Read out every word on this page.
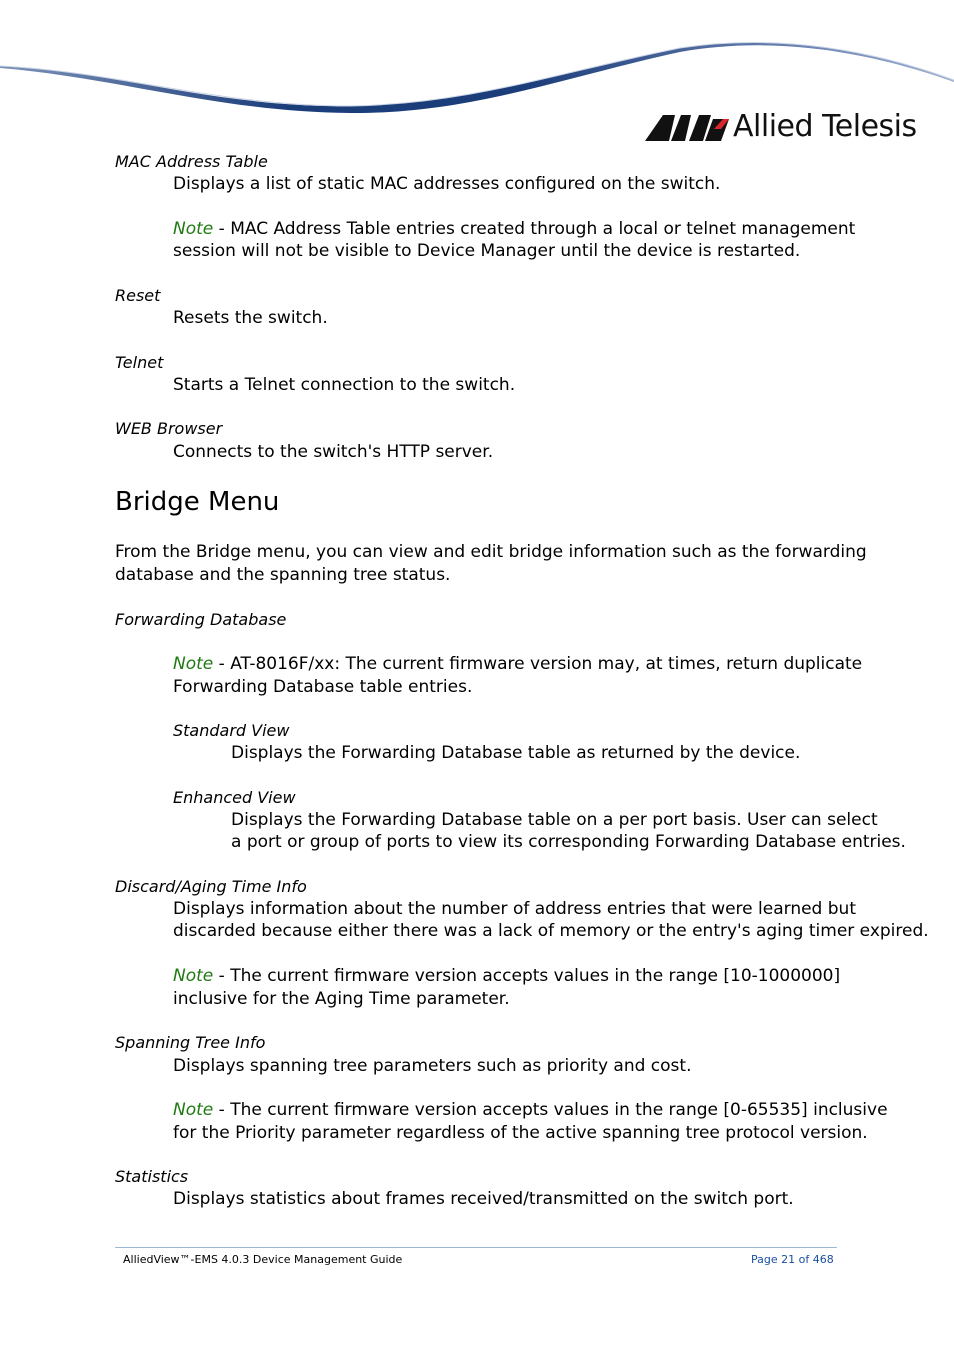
Allied Telesis
MAC Address Table
Displays a list of static MAC addresses configured on the switch.
Note - MAC Address Table entries created through a local or telnet management
session will not be visible to Device Manager until the device is restarted.
Reset
Resets the switch.
Telnet
Starts a Telnet connection to the switch.
WEB Browser
Connects to the switch's HTTP server.
Bridge Menu
From the Bridge menu, you can view and edit bridge information such as the forwarding
database and the spanning tree status.
Forwarding Database
Note - AT-8016F/xx: The current firmware version may, at times, return duplicate
Forwarding Database table entries.
Standard View
Displays the Forwarding Database table as returned by the device.
Enhanced View
Displays the Forwarding Database table on a per port basis. User can select
a port or group of ports to view its corresponding Forwarding Database entries.
Discard/Aging Time Info
Displays information about the number of address entries that were learned but
discarded because either there was a lack of memory or the entry's aging timer expired.
Note - The current firmware version accepts values in the range [10-1000000]
inclusive for the Aging Time parameter.
Spanning Tree Info
Displays spanning tree parameters such as priority and cost.
Note - The current firmware version accepts values in the range [0-65535] inclusive
for the Priority parameter regardless of the active spanning tree protocol version.
Statistics
Displays statistics about frames received/transmitted on the switch port.
AlliedView™-EMS 4.0.3 Device Management Guide	Page 21 of 468
